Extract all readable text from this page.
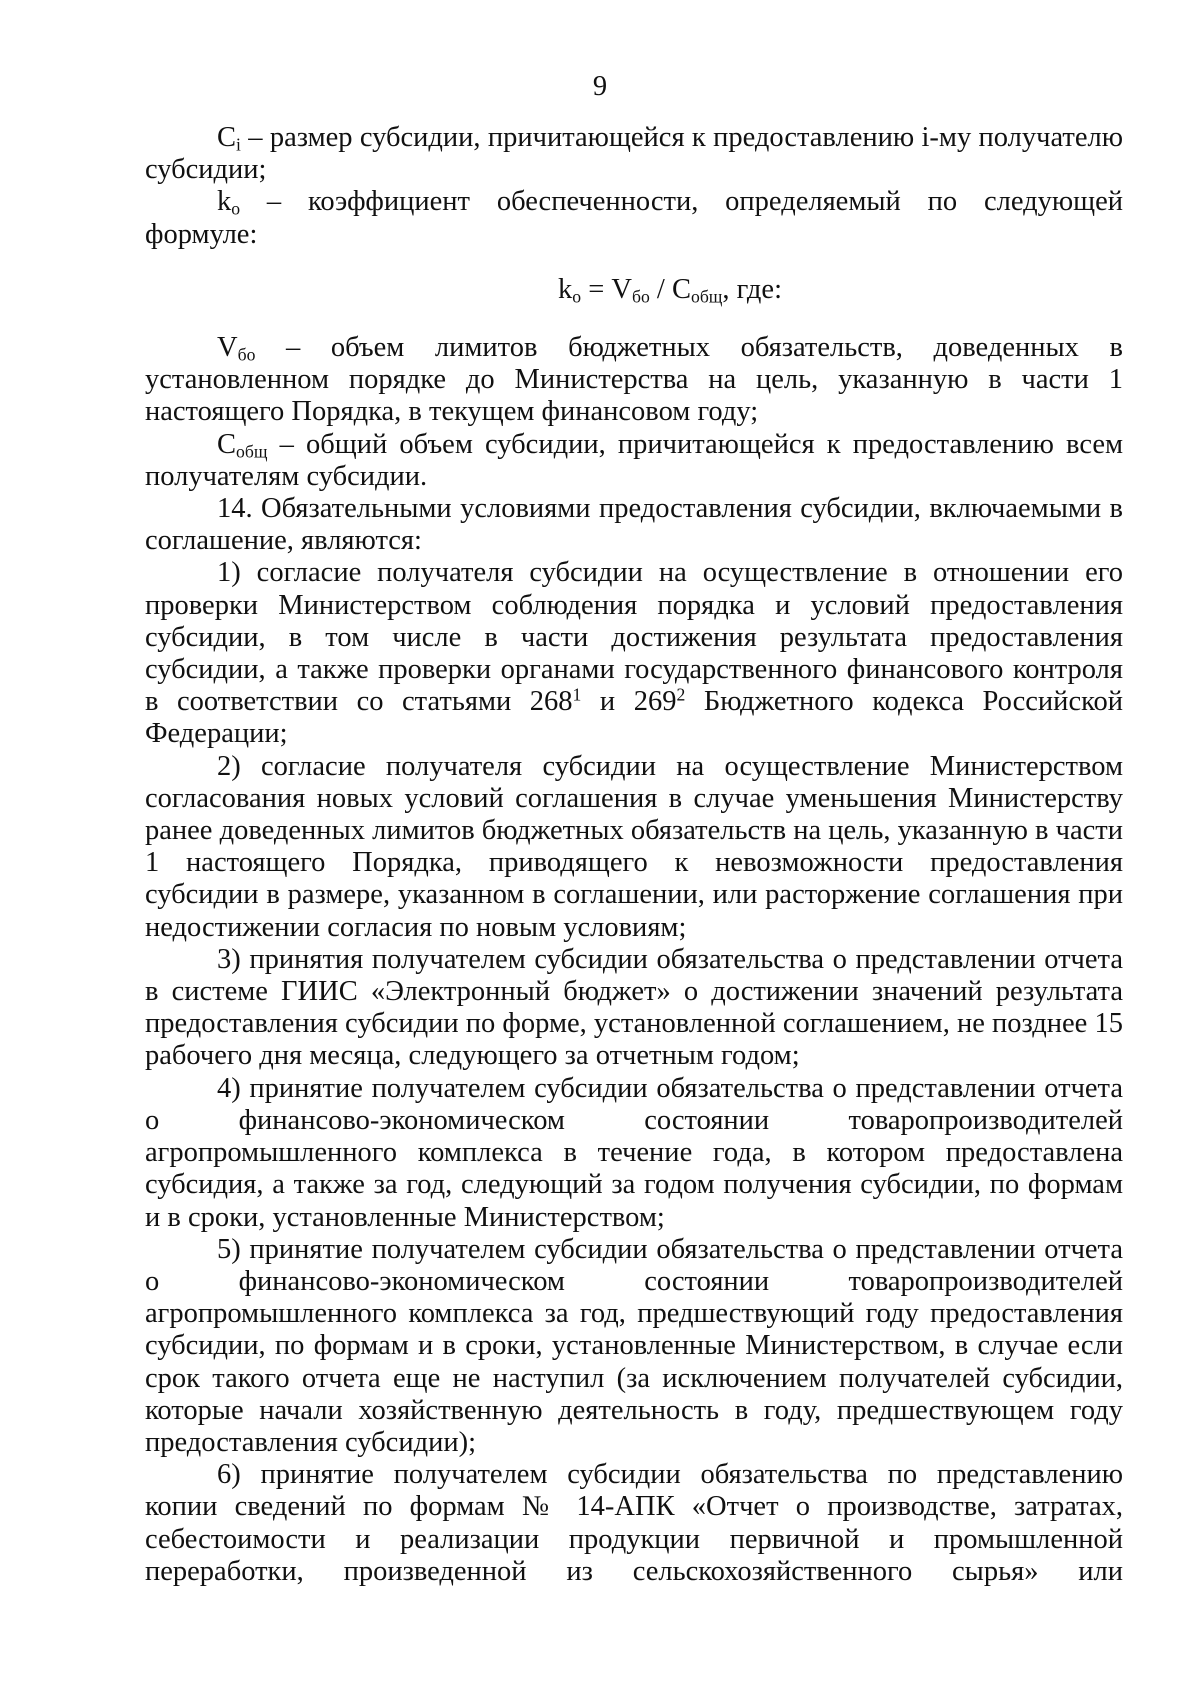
9

$C_i$ – размер субсидии, причитающейся к предоставлению i-му получателю субсидии;

$k_о$ – коэффициент обеспеченности, определяемый по следующей формуле:

$k_о = V_{бо} / C_{общ}$, где:
$V_{бо}$ – объем лимитов бюджетных обязательств, доведенных в

установленном порядке до Министерства на цель, указанную в части 1 настоящего Порядка, в текущем финансовом году;

$C_{общ}$ – общий объем субсидии, причитающейся к предоставлению всем получателям субсидии.

14. Обязательными условиями предоставления субсидии, включаемыми в соглашение, являются:

1) согласие получателя субсидии на осуществление в отношении его проверки Министерством соблюдения порядка и условий предоставления субсидии, в том числе в части достижения результата предоставления субсидии, а также проверки органами государственного финансового контроля в соответствии со статьями $268^1$ и $269^2$ Бюджетного кодекса Российской Федерации;

2) согласие получателя субсидии на осуществление Министерством согласования новых условий соглашения в случае уменьшения Министерству ранее доведенных лимитов бюджетных обязательств на цель, указанную в части 1 настоящего Порядка, приводящего к невозможности предоставления субсидии в размере, указанном в соглашении, или расторжение соглашения при недостижении согласия по новым условиям;

3) принятия получателем субсидии обязательства о представлении отчета в системе ГИИС «Электронный бюджет» о достижении значений результата предоставления субсидии по форме, установленной соглашением, не позднее 15 рабочего дня месяца, следующего за отчетным годом;

4) принятие получателем субсидии обязательства о представлении отчета о финансово-экономическом состоянии товаропроизводителей агропромышленного комплекса в течение года, в котором предоставлена субсидия, а также за год, следующий за годом получения субсидии, по формам и в сроки, установленные Министерством;

5) принятие получателем субсидии обязательства о представлении отчета о финансово-экономическом состоянии товаропроизводителей агропромышленного комплекса за год, предшествующий году предоставления субсидии, по формам и в сроки, установленные Министерством, в случае если срок такого отчета еще не наступил (за исключением получателей субсидии, которые начали хозяйственную деятельность в году, предшествующем году предоставления субсидии);

6) принятие получателем субсидии обязательства по представлению копии сведений по формам № 14-АПК «Отчет о производстве, затратах, себестоимости и реализации продукции первичной и промышленной переработки, произведенной из сельскохозяйственного сырья» или
